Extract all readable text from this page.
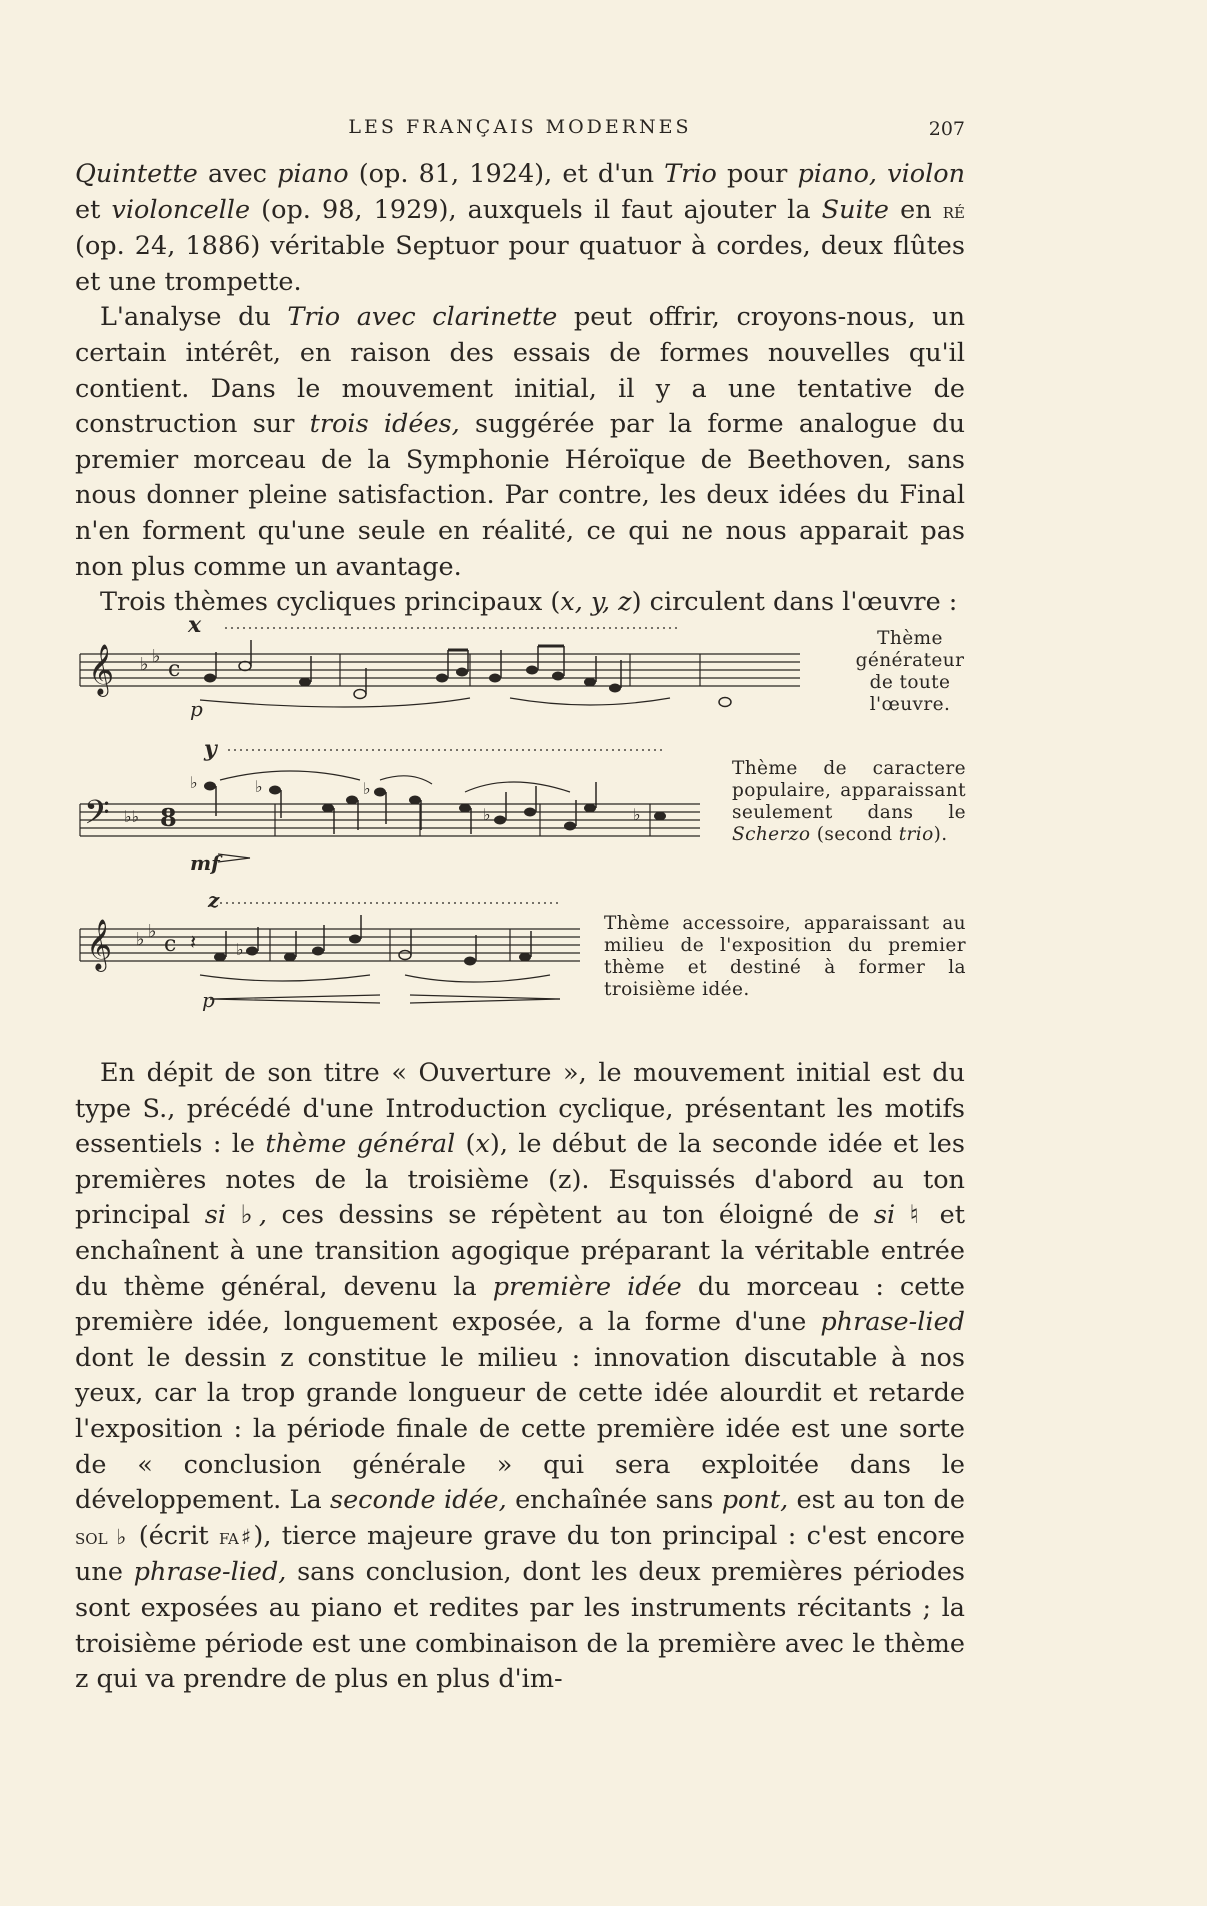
LES FRANÇAIS MODERNES	207

Quintette avec piano (op. 81, 1924), et d'un Trio pour piano, violon et violoncelle (op. 98, 1929), auxquels il faut ajouter la Suite en ré (op. 24, 1886) véritable Septuor pour quatuor à cordes, deux flûtes et une trompette.

L'analyse du Trio avec clarinette peut offrir, croyons-nous, un certain intérêt, en raison des essais de formes nouvelles qu'il contient. Dans le mouvement initial, il y a une tentative de construction sur trois idées, suggérée par la forme analogue du premier morceau de la Symphonie Héroïque de Beethoven, sans nous donner pleine satisfaction. Par contre, les deux idées du Final n'en forment qu'une seule en réalité, ce qui ne nous apparait pas non plus comme un avantage.

Trois thèmes cycliques principaux (x, y, z) circulent dans l'œuvre :

𝄞 ♭ ♭
c
x
p
Thème générateur de toute l'œuvre.
𝄢 ♭♭ 8
♭	♭	♭
♭	♭
y
mf
Thème de caractere populaire, apparaissant seulement dans le Scherzo (second trio).
𝄞 ♭ ♭
c 𝄽 ♭
z
p
Thème accessoire, apparaissant au milieu de l'exposition du premier thème et destiné à former la troisième idée.

En dépit de son titre « Ouverture », le mouvement initial est du type S., précédé d'une Introduction cyclique, présentant les motifs essentiels : le thème général (x), le début de la seconde idée et les premières notes de la troisième (z). Esquissés d'abord au ton principal si ♭, ces dessins se répètent au ton éloigné de si ♮ et enchaînent à une transition agogique préparant la véritable entrée du thème général, devenu la première idée du morceau : cette première idée, longuement exposée, a la forme d'une phrase-lied dont le dessin z constitue le milieu : innovation discutable à nos yeux, car la trop grande longueur de cette idée alourdit et retarde l'exposition : la période finale de cette première idée est une sorte de « conclusion générale » qui sera exploitée dans le développement. La seconde idée, enchaînée sans pont, est au ton de sol ♭ (écrit fa♯), tierce majeure grave du ton principal : c'est encore une phrase-lied, sans conclusion, dont les deux premières périodes sont exposées au piano et redites par les instruments récitants ; la troisième période est une combinaison de la première avec le thème z qui va prendre de plus en plus d'im-
